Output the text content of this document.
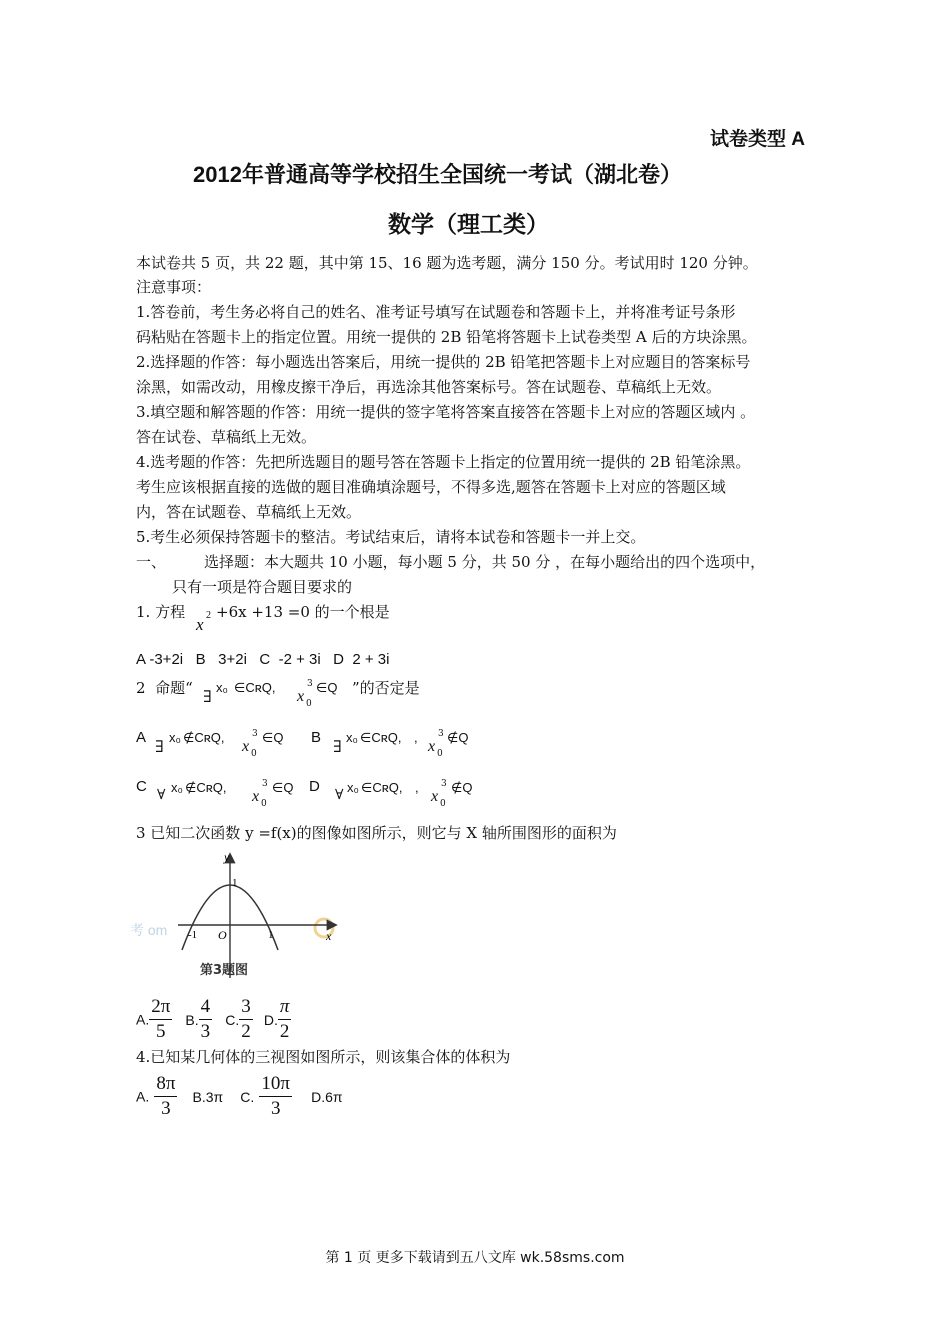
试卷类型 A
2012年普通高等学校招生全国统一考试（湖北卷）
数学（理工类）
本试卷共 5 页，共 22 题，其中第 15、16 题为选考题，满分 150 分。考试用时 120 分钟。
注意事项：
1.答卷前，考生务必将自己的姓名、准考证号填写在试题卷和答题卡上，并将准考证号条形
码粘贴在答题卡上的指定位置。用统一提供的 2B 铅笔将答题卡上试卷类型 A 后的方块涂黑。
2.选择题的作答：每小题选出答案后，用统一提供的 2B 铅笔把答题卡上对应题目的答案标号
涂黑，如需改动，用橡皮擦干净后，再选涂其他答案标号。答在试题卷、草稿纸上无效。
3.填空题和解答题的作答：用统一提供的签字笔将答案直接答在答题卡上对应的答题区域内 。
答在试卷、草稿纸上无效。
4.选考题的作答：先把所选题目的题号答在答题卡上指定的位置用统一提供的 2B 铅笔涂黑。
考生应该根据直接的选做的题目准确填涂题号，不得多选,题答在答题卡上对应的答题区域
内，答在试题卷、草稿纸上无效。
5.考生必须保持答题卡的整洁。考试结束后，请将本试卷和答题卡一并上交。
一、	选择题：本大题共 10 小题，每小题 5 分，共 50 分 ，在每小题给出的四个选项中，
只有一项是符合题目要求的
1. 方程
x 2 +6x +13 =0 的一个根是
A -3+2i   B   3+2i   C  -2 + 3i   D  2 + 3i
2  命题“ ∃ x₀ ∈CʀQ,
x
3
0
∈Q ”的否定是
A ∃ x₀ ∉CʀQ,
x
3
0
∈Q B ∃ x₀ ∈CʀQ, ,
x
3
0
∉Q
C ∀ x₀ ∉CʀQ,
x
3
0
∈Q D ∀ x₀ ∈CʀQ, ,
x
3
0
∉Q
3 已知二次函数 y =f(x)的图像如图所示，则它与 X 轴所围图形的面积为
考 om
y
x
1
-1 O	1
第3题图
A. $\frac{2\pi}{5} B$. $\frac{4}{3} C$. $\frac{3}{2} D$. $\frac{\pi}{2}$
4.已知某几何体的三视图如图所示，则该集合体的体积为
A. $\frac{8\pi}{3} B.3\pi$ C. $\frac{10\pi}{3} D.6\pi$
第 1 页 更多下载请到五八文库 wk.58sms.com
